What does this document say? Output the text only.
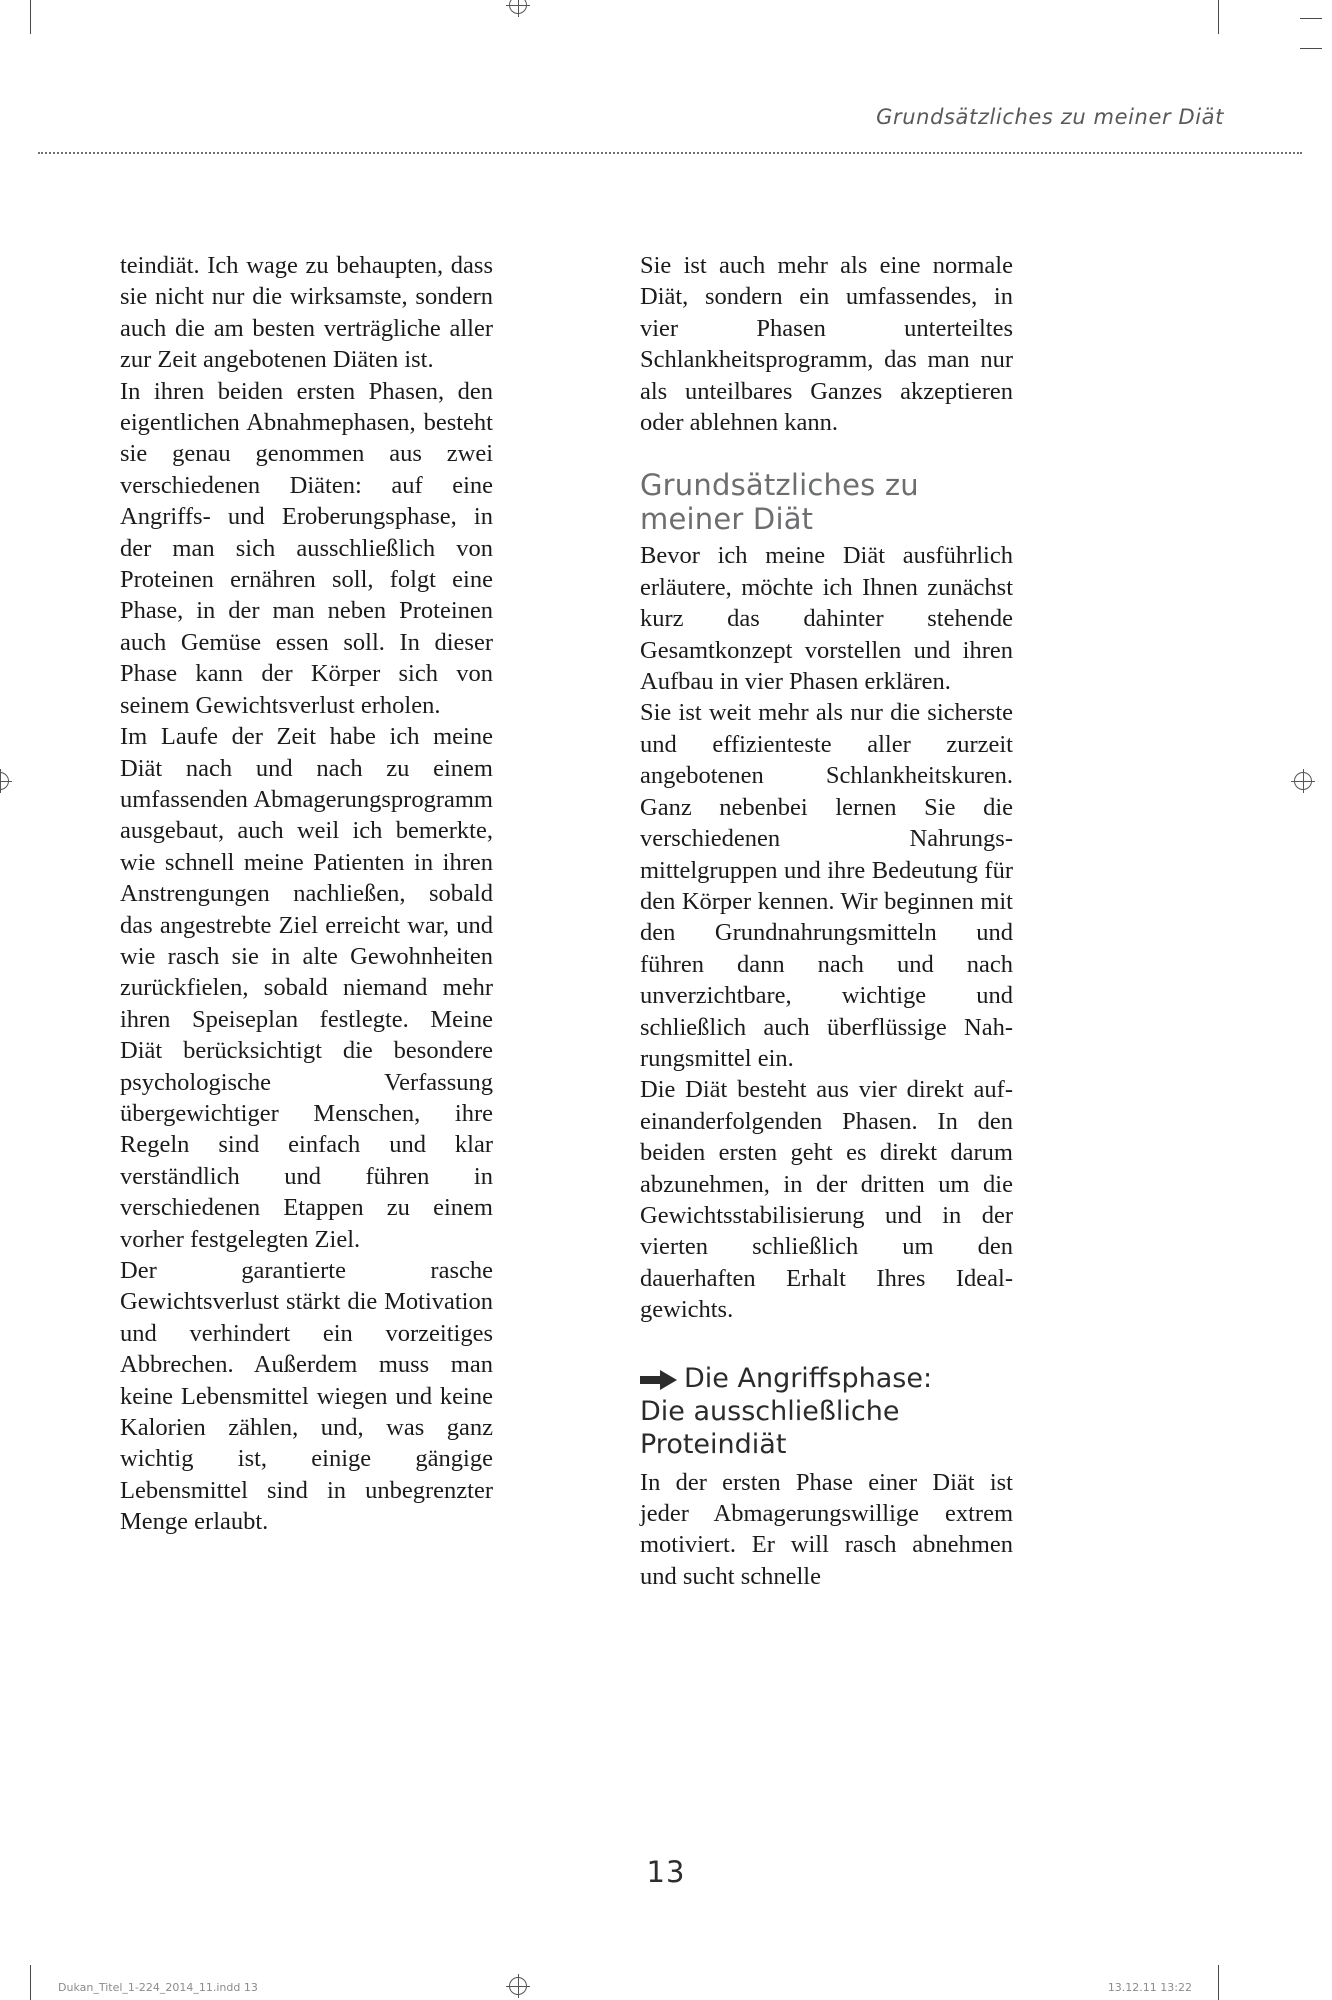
Grundsätzliches zu meiner Diät

teindiät. Ich wage zu behaupten, dass sie nicht nur die wirksamste, sondern auch die am besten verträgliche aller zur Zeit angebotenen Diäten ist.

In ihren beiden ersten Phasen, den eigentlichen Abnahmephasen, besteht sie genau genommen aus zwei verschiedenen Diäten: auf eine Angriffs- und Eroberungsphase, in der man sich ausschließlich von Proteinen ernähren soll, folgt eine Phase, in der man neben Proteinen auch Gemüse essen soll. In dieser Phase kann der Körper sich von seinem Gewichtsverlust erholen.

Im Laufe der Zeit habe ich meine Diät nach und nach zu einem umfassenden Abmagerungsprogramm ausgebaut, auch weil ich bemerkte, wie schnell meine Patienten in ihren Anstrengungen nachließen, sobald das angestrebte Ziel erreicht war, und wie rasch sie in alte Gewohnheiten zurückfielen, sobald niemand mehr ihren Speiseplan festlegte. Meine Diät berücksichtigt die besondere psychologische Verfassung übergewichtiger Menschen, ihre Regeln sind einfach und klar verständlich und führen in verschiedenen Etappen zu einem vorher festgelegten Ziel.

Der garantierte rasche Gewichtsverlust stärkt die Motivation und verhindert ein vorzeitiges Abbrechen. Außerdem muss man keine Lebensmittel wiegen und keine Kalorien zählen, und, was ganz wichtig ist, einige gängige Lebensmittel sind in unbegrenzter Menge erlaubt.

Sie ist auch mehr als eine normale Diät, sondern ein umfassendes, in vier Phasen unterteiltes Schlankheitsprogramm, das man nur als unteilbares Ganzes akzeptieren oder ablehnen kann.

Grundsätzliches zu meiner Diät

Bevor ich meine Diät ausführlich erläutere, möchte ich Ihnen zunächst kurz das dahinter stehende Gesamtkonzept vorstellen und ihren Aufbau in vier Phasen erklären.

Sie ist weit mehr als nur die sicherste und effizienteste aller zurzeit angebotenen Schlankheitskuren. Ganz nebenbei lernen Sie die verschiedenen Nahrungsmittelgruppen und ihre Bedeutung für den Körper kennen. Wir beginnen mit den Grundnahrungsmitteln und führen dann nach und nach unverzichtbare, wichtige und schließlich auch überflüssige Nahrungsmittel ein.

Die Diät besteht aus vier direkt aufeinanderfolgenden Phasen. In den beiden ersten geht es direkt darum abzunehmen, in der dritten um die Gewichtsstabilisierung und in der vierten schließlich um den dauerhaften Erhalt Ihres Idealgewichts.

Die Angriffsphase:
Die ausschließliche Proteindiät

In der ersten Phase einer Diät ist jeder Abmagerungswillige extrem motiviert. Er will rasch abnehmen und sucht schnelle

13
Dukan_Titel_1-224_2014_11.indd 13	13.12.11 13:22
